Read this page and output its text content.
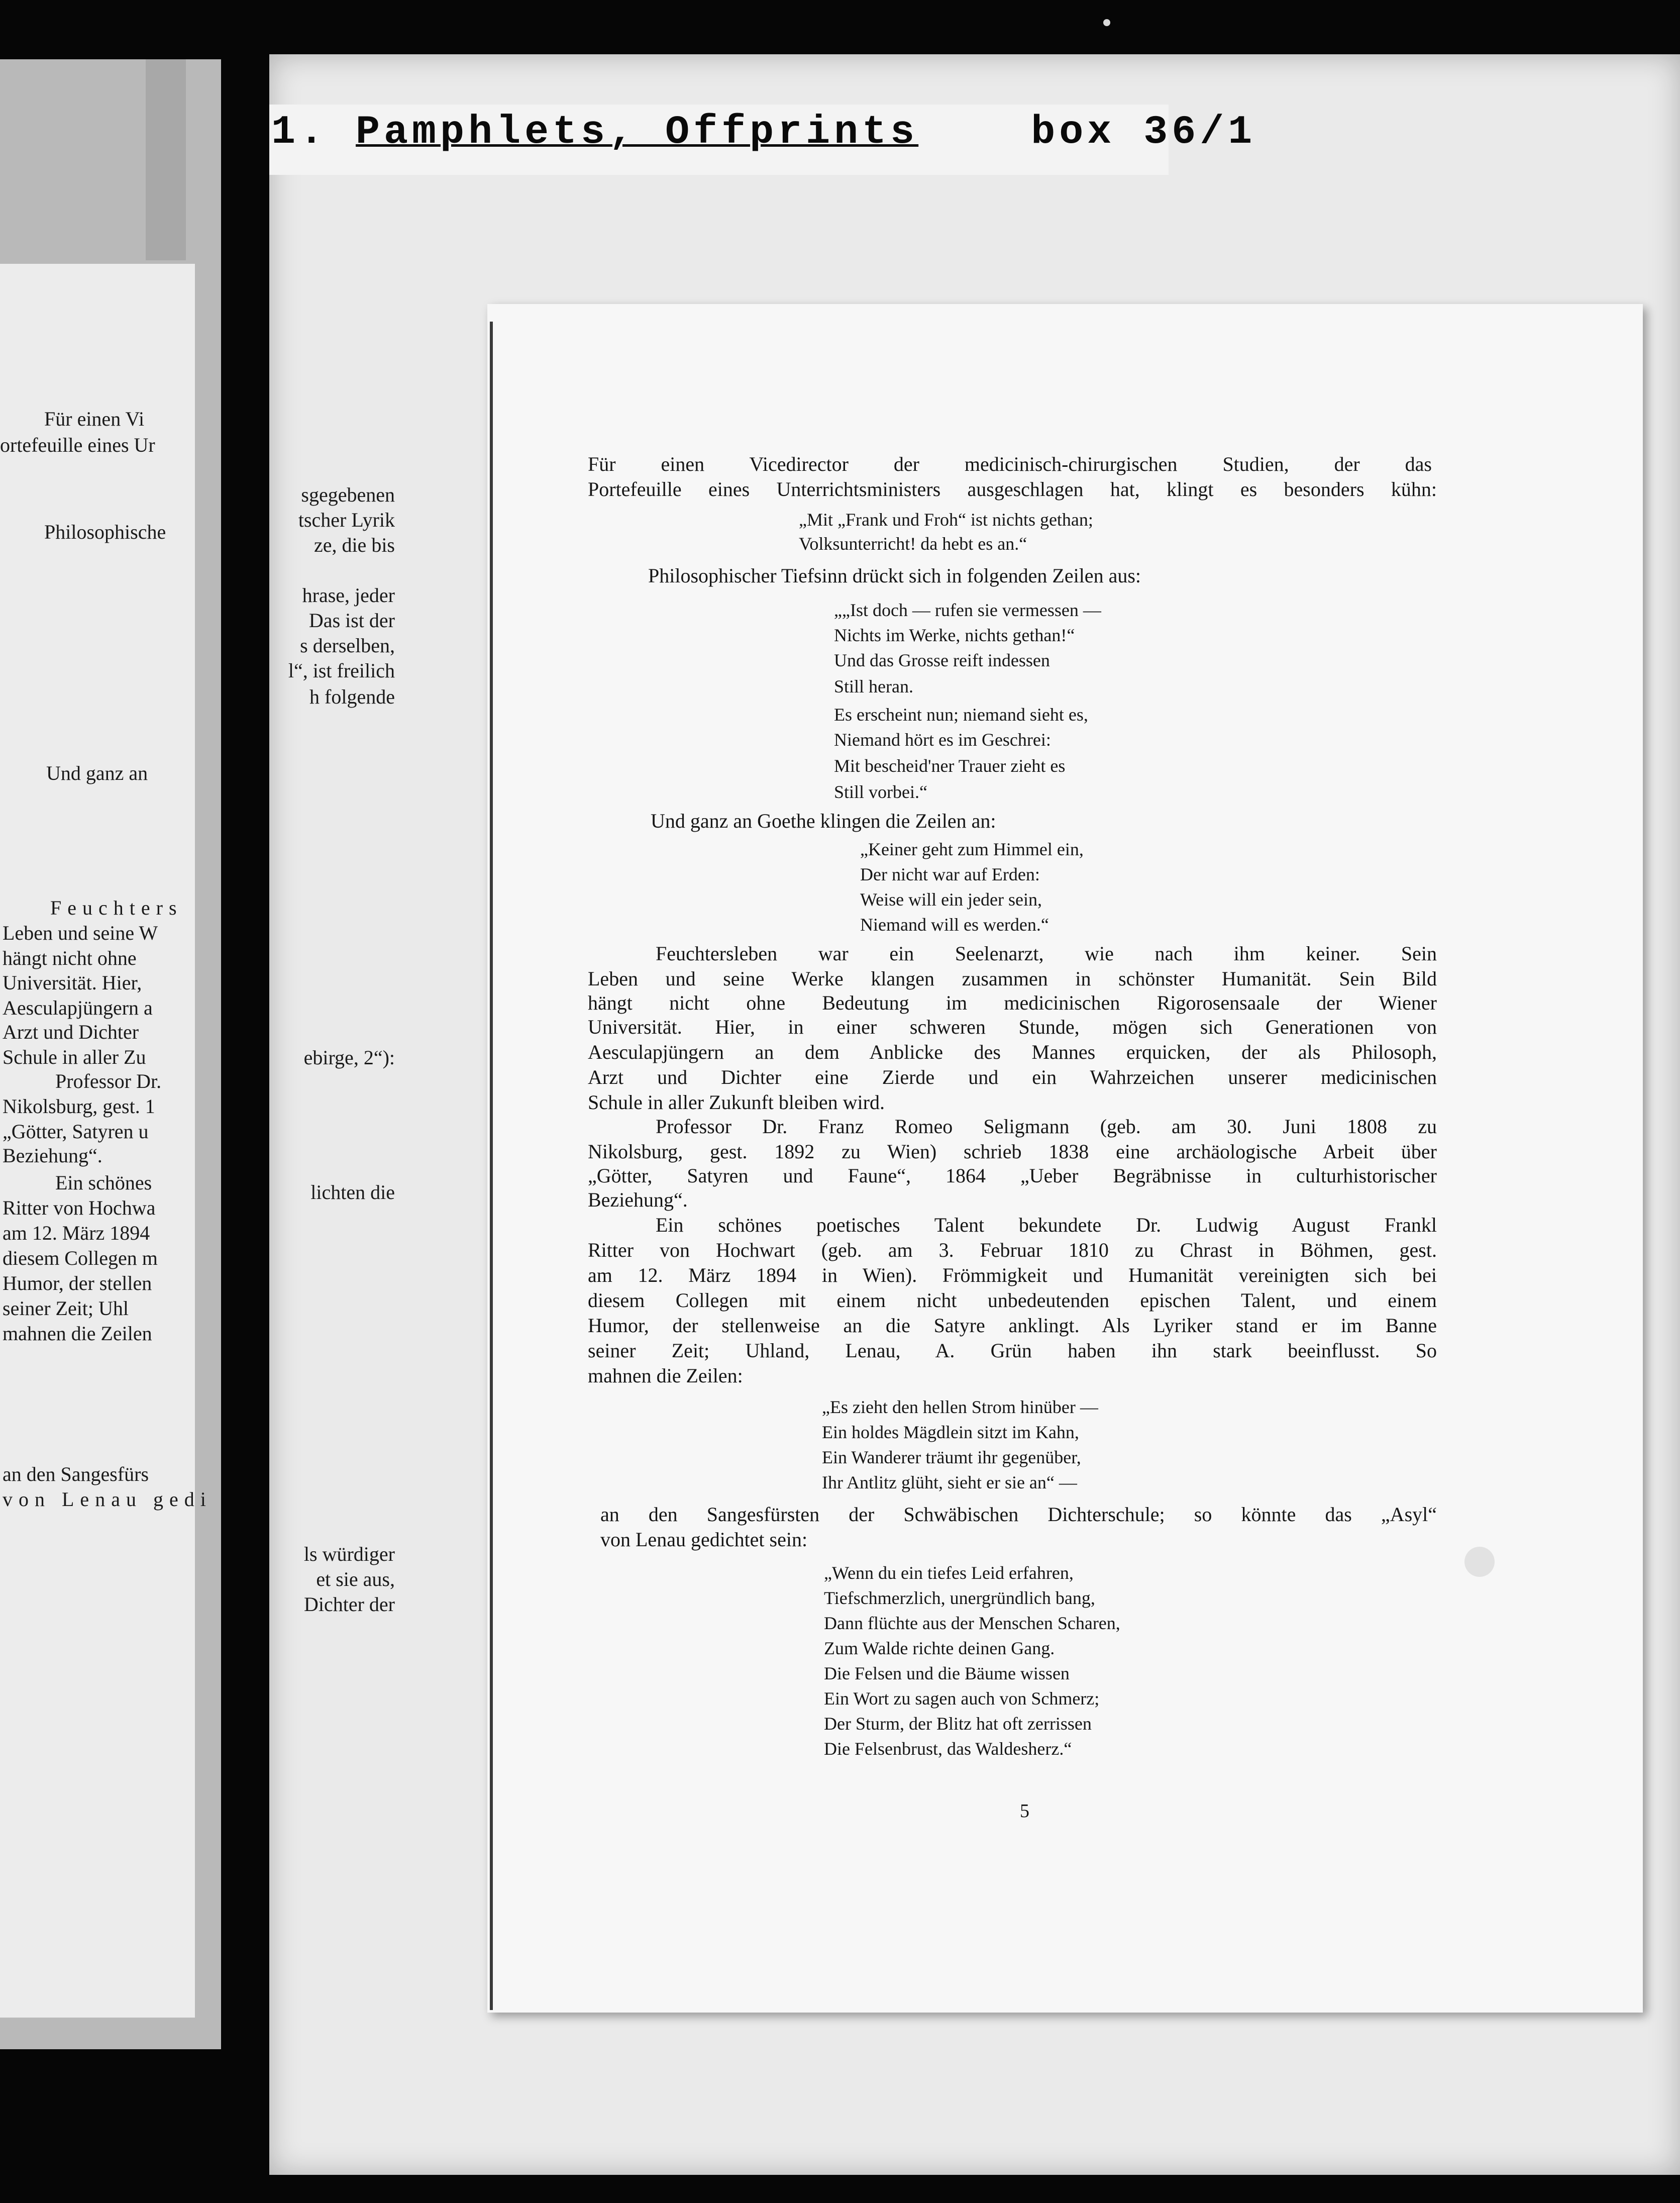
Für einen Vi
ortefeuille eines Ur
Philosophische
Und ganz an
Feuchters
Leben und seine W
hängt nicht ohne
Universität. Hier,
Aesculapjüngern a
Arzt und Dichter
Schule in aller Zu
Professor Dr.
Nikolsburg, gest. 1
„Götter, Satyren u
Beziehung“.
Ein schönes
Ritter von Hochwa
am 12. März 1894
diesem Collegen m
Humor, der stellen
seiner Zeit; Uhl
mahnen die Zeilen
an den Sangesfürs
von Lenau gedi
sgegebenen
tscher Lyrik
ze, die bis
hrase, jeder
Das ist der
s derselben,
l“, ist freilich
h folgende
ebirge, 2“):
lichten die
ls würdiger
et sie aus,
Dichter der
1. Pamphlets, Offprints	box 36/1
Für einen Vicedirector der medicinisch-chirurgischen Studien, der das
Portefeuille eines Unterrichtsministers ausgeschlagen hat, klingt es besonders kühn:
„Mit „Frank und Froh“ ist nichts gethan;
Volksunterricht! da hebt es an.“
Philosophischer Tiefsinn drückt sich in folgenden Zeilen aus:
„„Ist doch — rufen sie vermessen —
Nichts im Werke, nichts gethan!“
Und das Grosse reift indessen
Still heran.
Es erscheint nun; niemand sieht es,
Niemand hört es im Geschrei:
Mit bescheid'ner Trauer zieht es
Still vorbei.“
Und ganz an Goethe klingen die Zeilen an:
„Keiner geht zum Himmel ein,
Der nicht war auf Erden:
Weise will ein jeder sein,
Niemand will es werden.“
Feuchtersleben war ein Seelenarzt, wie nach ihm keiner. Sein
Leben und seine Werke klangen zusammen in schönster Humanität. Sein Bild
hängt nicht ohne Bedeutung im medicinischen Rigorosensaale der Wiener
Universität. Hier, in einer schweren Stunde, mögen sich Generationen von
Aesculapjüngern an dem Anblicke des Mannes erquicken, der als Philosoph,
Arzt und Dichter eine Zierde und ein Wahrzeichen unserer medicinischen
Schule in aller Zukunft bleiben wird.
Professor Dr. Franz Romeo Seligmann (geb. am 30. Juni 1808 zu
Nikolsburg, gest. 1892 zu Wien) schrieb 1838 eine archäologische Arbeit über
„Götter, Satyren und Faune“, 1864 „Ueber Begräbnisse in culturhistorischer
Beziehung“.
Ein schönes poetisches Talent bekundete Dr. Ludwig August Frankl
Ritter von Hochwart (geb. am 3. Februar 1810 zu Chrast in Böhmen, gest.
am 12. März 1894 in Wien). Frömmigkeit und Humanität vereinigten sich bei
diesem Collegen mit einem nicht unbedeutenden epischen Talent, und einem
Humor, der stellenweise an die Satyre anklingt. Als Lyriker stand er im Banne
seiner Zeit; Uhland, Lenau, A. Grün haben ihn stark beeinflusst. So
mahnen die Zeilen:
„Es zieht den hellen Strom hinüber —
Ein holdes Mägdlein sitzt im Kahn,
Ein Wanderer träumt ihr gegenüber,
Ihr Antlitz glüht, sieht er sie an“ —
an den Sangesfürsten der Schwäbischen Dichterschule; so könnte das „Asyl“
von Lenau gedichtet sein:
„Wenn du ein tiefes Leid erfahren,
Tiefschmerzlich, unergründlich bang,
Dann flüchte aus der Menschen Scharen,
Zum Walde richte deinen Gang.
Die Felsen und die Bäume wissen
Ein Wort zu sagen auch von Schmerz;
Der Sturm, der Blitz hat oft zerrissen
Die Felsenbrust, das Waldesherz.“
5
